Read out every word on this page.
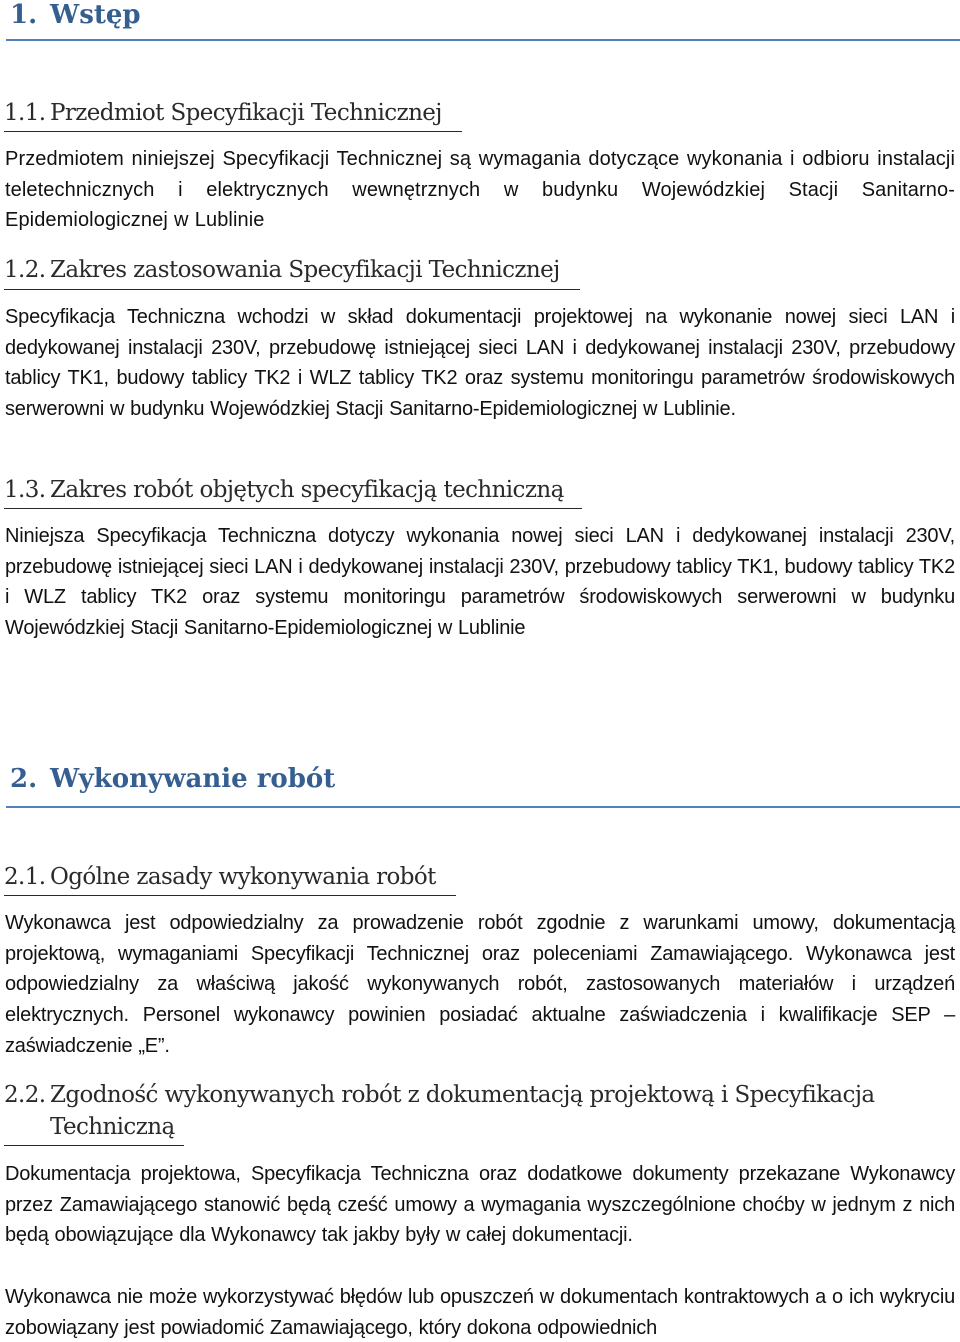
1. Wstęp
1.1. Przedmiot Specyfikacji Technicznej

Przedmiotem niniejszej Specyfikacji Technicznej są wymagania dotyczące wykonania i odbioru instalacji teletechnicznych i elektrycznych wewnętrznych w budynku Wojewódzkiej Stacji Sanitarno-Epidemiologicznej w Lublinie

1.2. Zakres zastosowania Specyfikacji Technicznej

Specyfikacja Techniczna wchodzi w skład dokumentacji projektowej na wykonanie nowej sieci LAN i dedykowanej instalacji 230V, przebudowę istniejącej sieci LAN i dedykowanej instalacji 230V, przebudowy tablicy TK1, budowy tablicy TK2 i WLZ tablicy TK2 oraz systemu monitoringu parametrów środowiskowych serwerowni w budynku Wojewódzkiej Stacji Sanitarno-Epidemiologicznej w Lublinie.

1.3. Zakres robót objętych specyfikacją techniczną

Niniejsza Specyfikacja Techniczna dotyczy wykonania nowej sieci LAN i dedykowanej instalacji 230V, przebudowę istniejącej sieci LAN i dedykowanej instalacji 230V, przebudowy tablicy TK1, budowy tablicy TK2 i WLZ tablicy TK2 oraz systemu monitoringu parametrów środowiskowych serwerowni w budynku Wojewódzkiej Stacji Sanitarno-Epidemiologicznej w Lublinie

2. Wykonywanie robót
2.1. Ogólne zasady wykonywania robót

Wykonawca jest odpowiedzialny za prowadzenie robót zgodnie z warunkami umowy, dokumentacją projektową, wymaganiami Specyfikacji Technicznej oraz poleceniami Zamawiającego. Wykonawca jest odpowiedzialny za właściwą jakość wykonywanych robót, zastosowanych materiałów i urządzeń elektrycznych. Personel wykonawcy powinien posiadać aktualne zaświadczenia i kwalifikacje SEP – zaświadczenie „E”.

2.2. Zgodność wykonywanych robót z dokumentacją projektową i Specyfikacja
Techniczną

Dokumentacja projektowa, Specyfikacja Techniczna oraz dodatkowe dokumenty przekazane Wykonawcy przez Zamawiającego stanowić będą cześć umowy a wymagania wyszczególnione choćby w jednym z nich będą obowiązujące dla Wykonawcy tak jakby były w całej dokumentacji.

Wykonawca nie może wykorzystywać błędów lub opuszczeń w dokumentach kontraktowych a o ich wykryciu zobowiązany jest powiadomić Zamawiającego, który dokona odpowiednich
